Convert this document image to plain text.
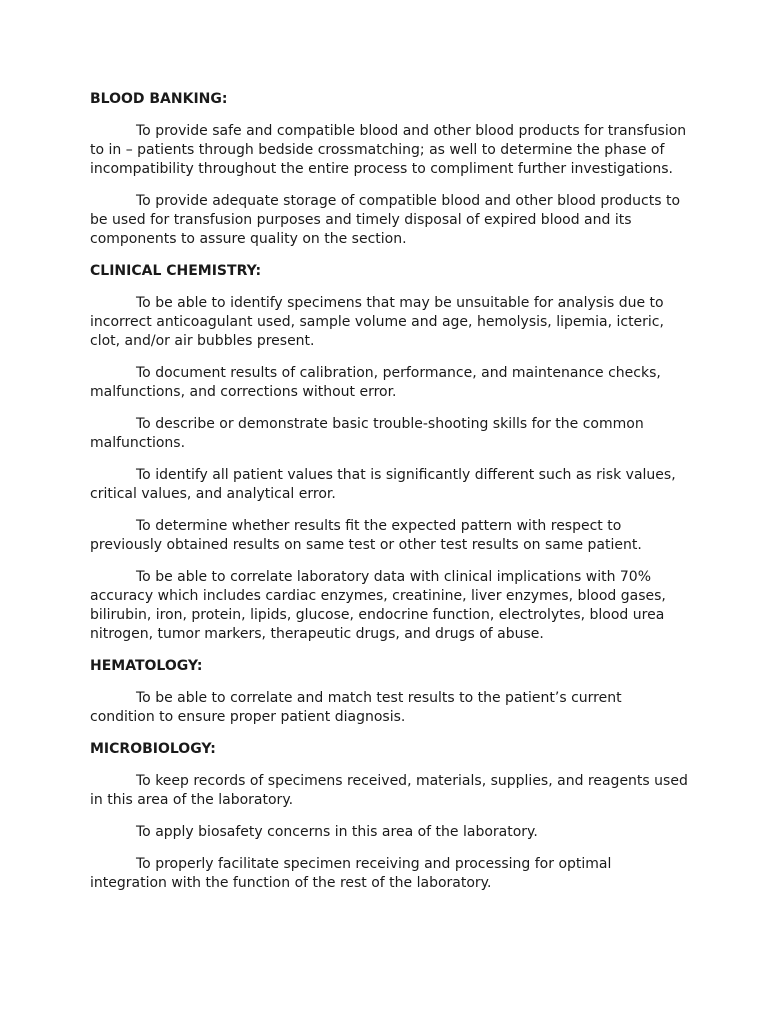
BLOOD BANKING:

To provide safe and compatible blood and other blood products for transfusion to in – patients through bedside crossmatching; as well to determine the phase of incompatibility throughout the entire process to compliment further investigations.

To provide adequate storage of compatible blood and other blood products to be used for transfusion purposes and timely disposal of expired blood and its components to assure quality on the section.

CLINICAL CHEMISTRY:

To be able to identify specimens that may be unsuitable for analysis due to incorrect anticoagulant used, sample volume and age, hemolysis, lipemia, icteric, clot, and/or air bubbles present.

To document results of calibration, performance, and maintenance checks, malfunctions, and corrections without error.

To describe or demonstrate basic trouble-shooting skills for the common malfunctions.

To identify all patient values that is significantly different such as risk values, critical values, and analytical error.

To determine whether results fit the expected pattern with respect to previously obtained results on same test or other test results on same patient.

To be able to correlate laboratory data with clinical implications with 70% accuracy which includes cardiac enzymes, creatinine, liver enzymes, blood gases, bilirubin, iron, protein, lipids, glucose, endocrine function, electrolytes, blood urea nitrogen, tumor markers, therapeutic drugs, and drugs of abuse.

HEMATOLOGY:

To be able to correlate and match test results to the patient’s current condition to ensure proper patient diagnosis.

MICROBIOLOGY:

To keep records of specimens received, materials, supplies, and reagents used in this area of the laboratory.

To apply biosafety concerns in this area of the laboratory.

To properly facilitate specimen receiving and processing for optimal integration with the function of the rest of the laboratory.
